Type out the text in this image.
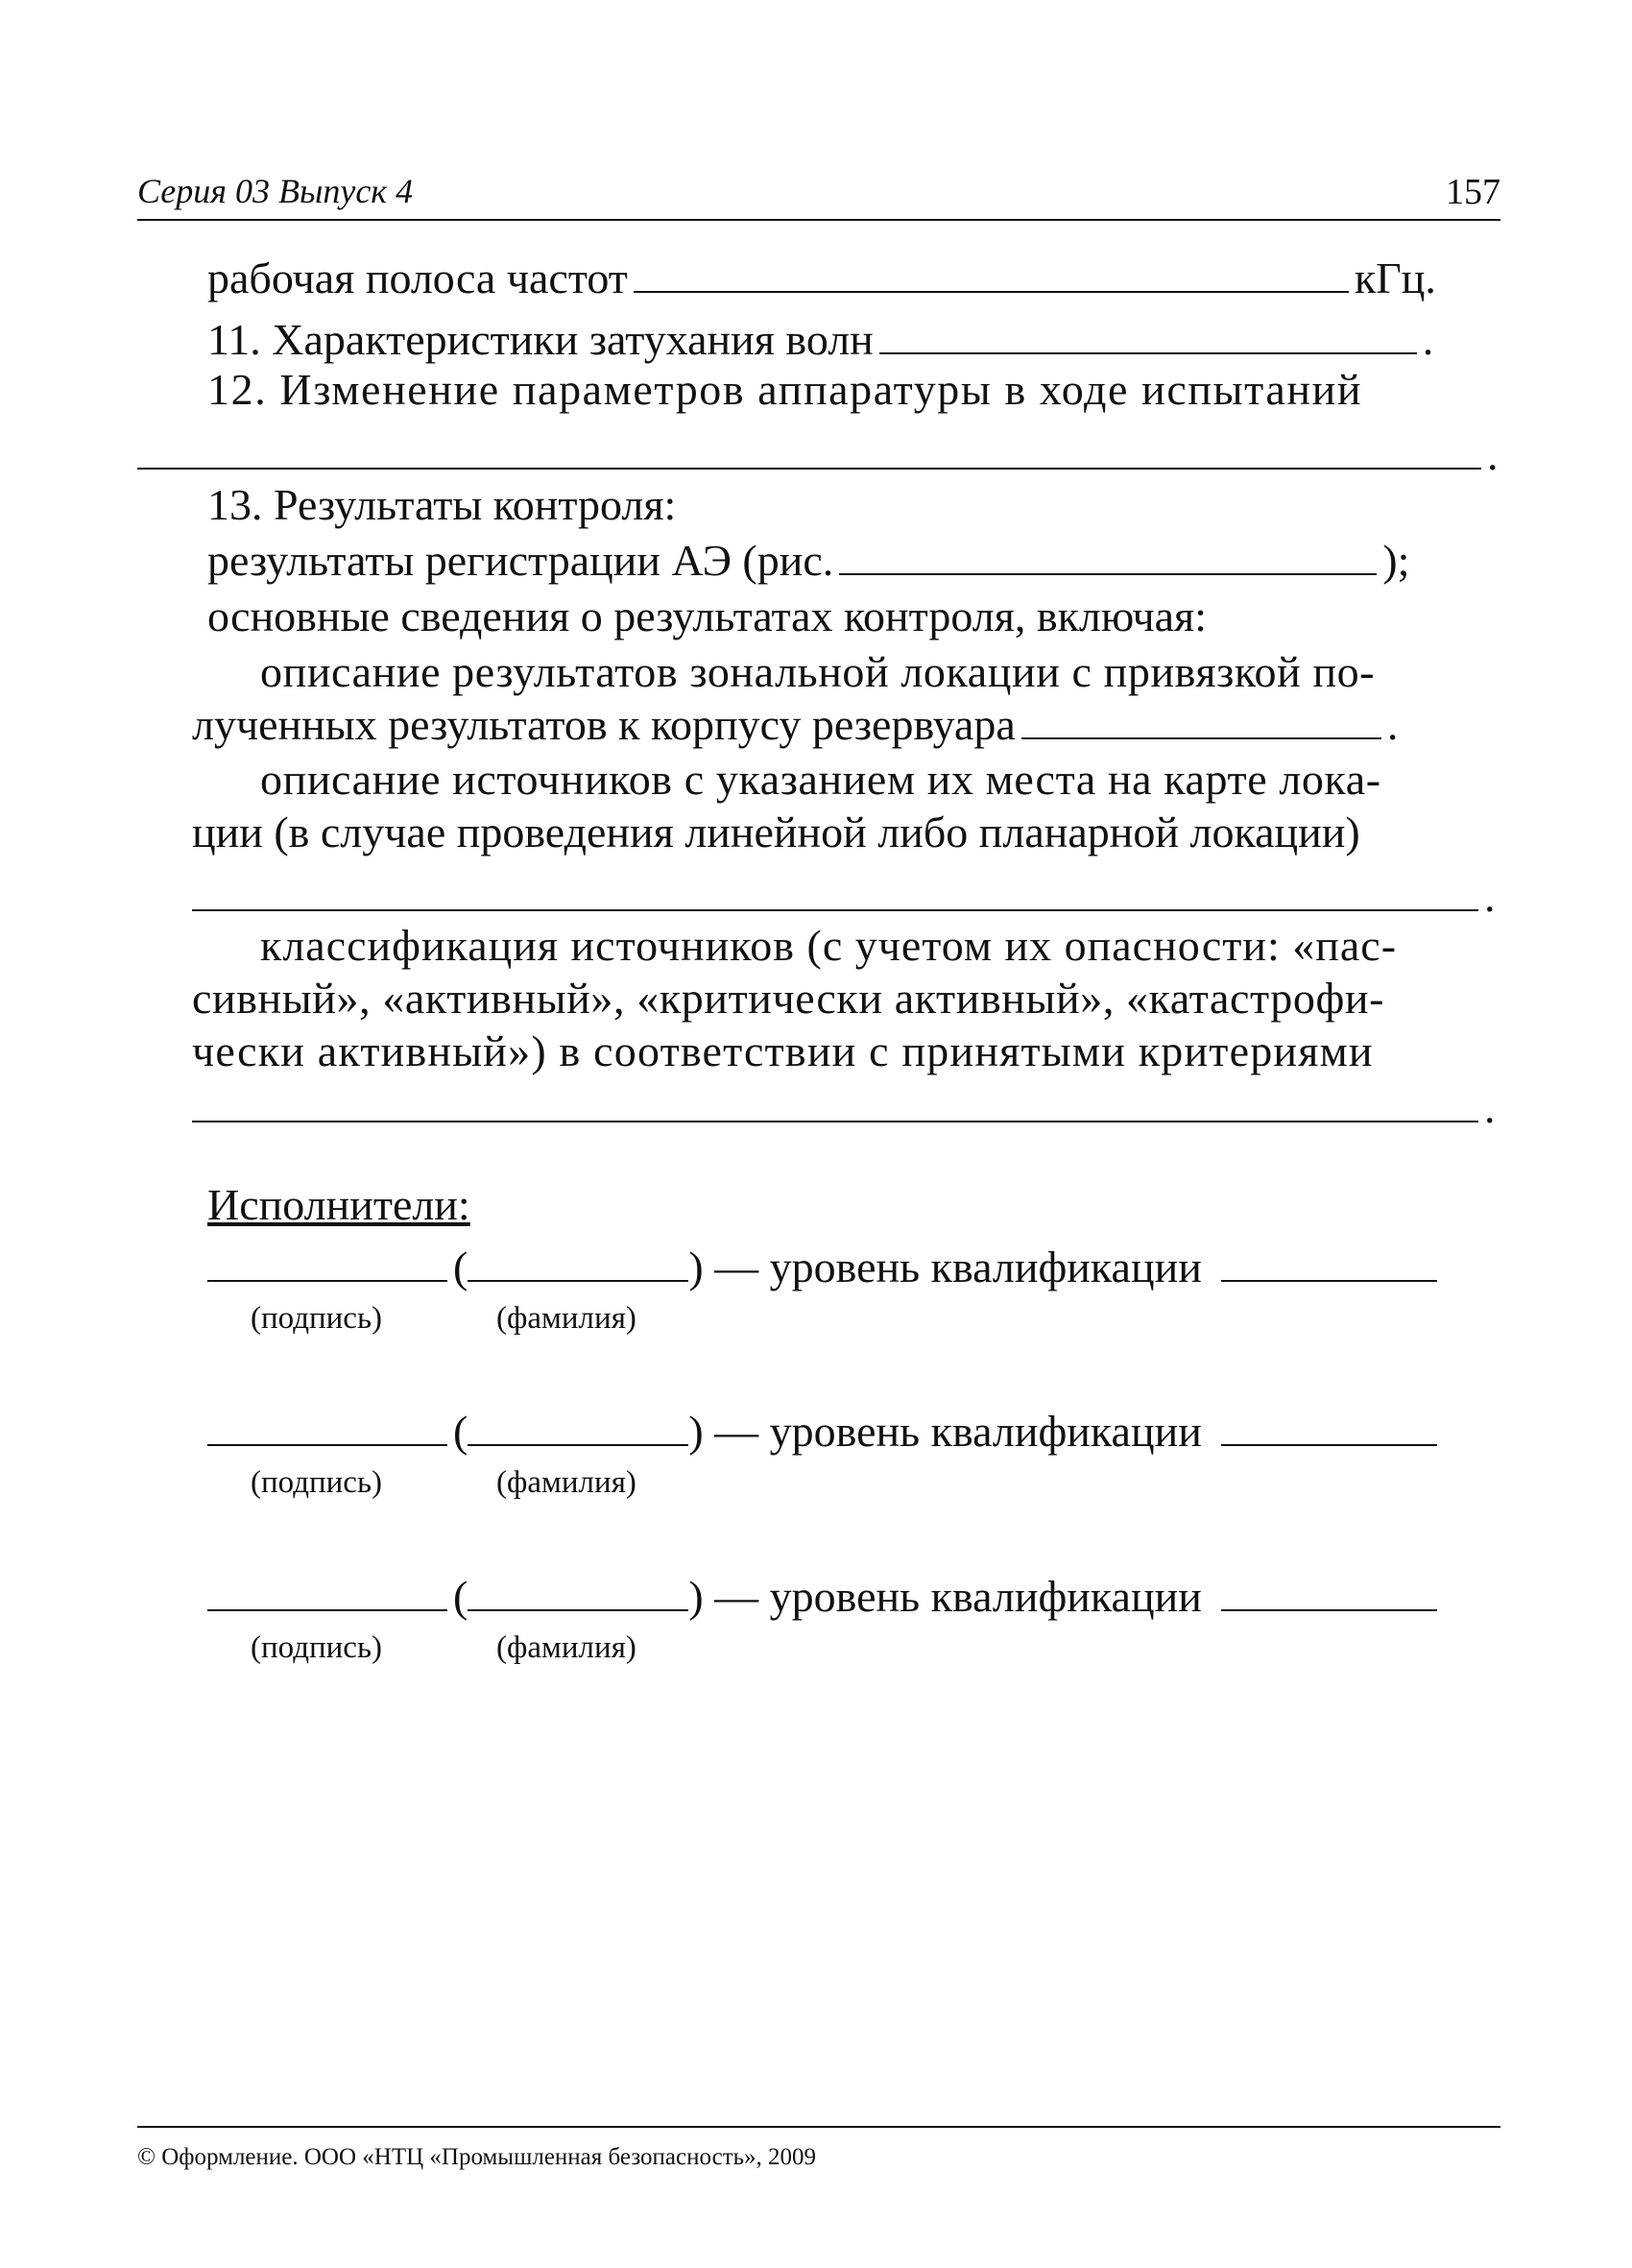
Серия 03 Выпуск 4	157
рабочая полоса частот	кГц.
11. Характеристики затухания волн	.
12. Изменение параметров аппаратуры в ходе испытаний
.
13. Результаты контроля:
результаты регистрации АЭ (рис.	);
основные сведения о результатах контроля, включая:
описание результатов зональной локации с привязкой по-
лученных результатов к корпусу резервуара	.
описание источников с указанием их места на карте лока-
ции (в случае проведения линейной либо планарной локации)
.
классификация источников (с учетом их опасности: «пас-
сивный», «активный», «критически активный», «катастрофи-
чески активный») в соответствии с принятыми критериями
.
Исполнители:
(	) — уровень квалификации
(подпись)	(фамилия)
(	) — уровень квалификации
(подпись)	(фамилия)
(	) — уровень квалификации
(подпись)	(фамилия)
© Оформление. ООО «НТЦ «Промышленная безопасность», 2009
